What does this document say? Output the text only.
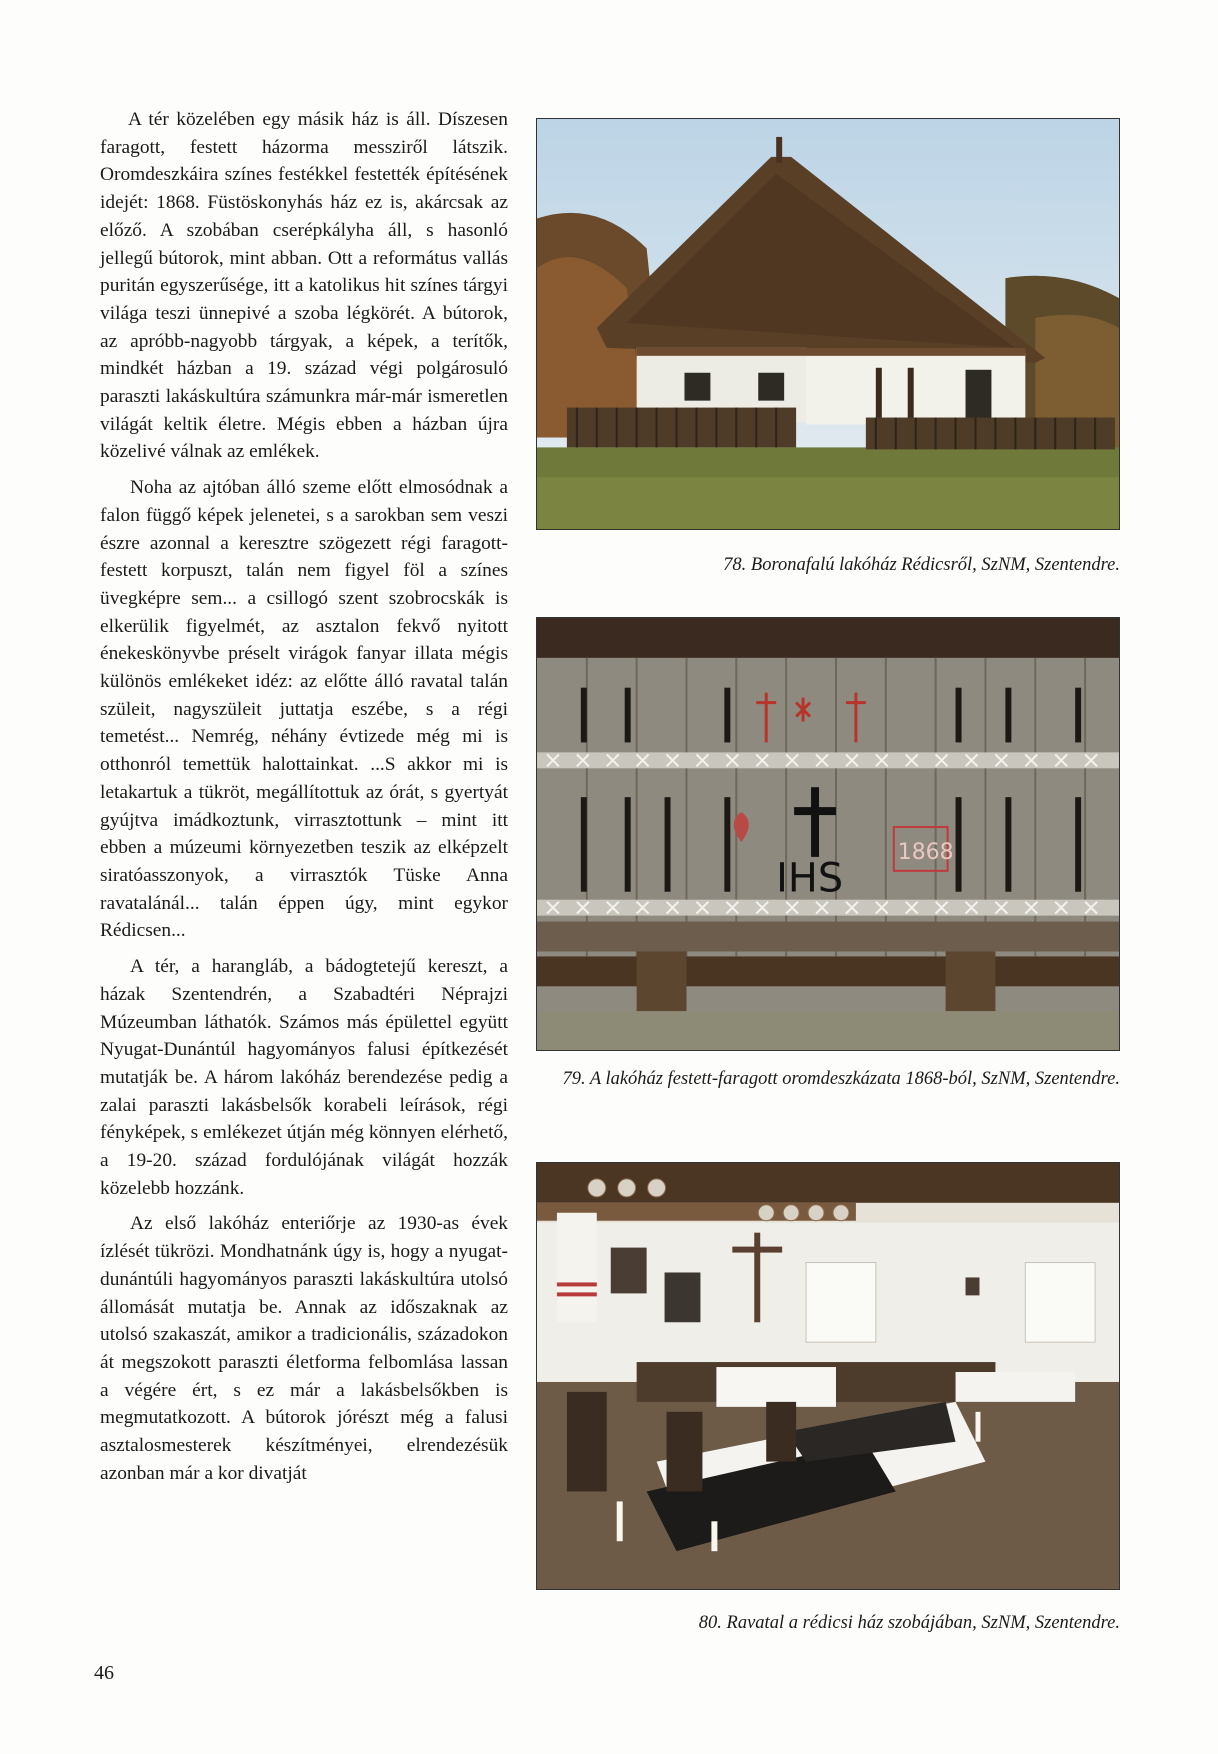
A tér közelében egy másik ház is áll. Díszesen faragott, festett házorma messziről látszik. Oromdeszkáira színes festékkel festették építésének idejét: 1868. Füstöskonyhás ház ez is, akárcsak az előző. A szobában cserépkályha áll, s hasonló jellegű bútorok, mint abban. Ott a református vallás puritán egyszerűsége, itt a katolikus hit színes tárgyi világa teszi ünnepivé a szoba légkörét. A bútorok, az apróbb-nagyobb tárgyak, a képek, a terítők, mindkét házban a 19. század végi polgárosuló paraszti lakáskultúra számunkra már-már ismeretlen világát keltik életre. Mégis ebben a házban újra közelivé válnak az emlékek.

Noha az ajtóban álló szeme előtt elmosódnak a falon függő képek jelenetei, s a sarokban sem veszi észre azonnal a keresztre szögezett régi faragott-festett korpuszt, talán nem figyel föl a színes üvegképre sem... a csillogó szent szobrocskák is elkerülik figyelmét, az asztalon fekvő nyitott énekeskönyvbe préselt virágok fanyar illata mégis különös emlékeket idéz: az előtte álló ravatal talán szüleit, nagyszüleit juttatja eszébe, s a régi temetést... Nemrég, néhány évtizede még mi is otthonról temettük halottainkat. ...S akkor mi is letakartuk a tükröt, megállítottuk az órát, s gyertyát gyújtva imádkoztunk, virrasztottunk – mint itt ebben a múzeumi környezetben teszik az elképzelt siratóasszonyok, a virrasztók Tüske Anna ravatalánál... talán éppen úgy, mint egykor Rédicsen...

A tér, a harangláb, a bádogtetejű kereszt, a házak Szentendrén, a Szabadtéri Néprajzi Múzeumban láthatók. Számos más épülettel együtt Nyugat-Dunántúl hagyományos falusi építkezését mutatják be. A három lakóház berendezése pedig a zalai paraszti lakásbelsők korabeli leírások, régi fényképek, s emlékezet útján még könnyen elérhető, a 19-20. század fordulójának világát hozzák közelebb hozzánk.

Az első lakóház enteriőrje az 1930-as évek ízlését tükrözi. Mondhatnánk úgy is, hogy a nyugat-dunántúli hagyományos paraszti lakáskultúra utolsó állomását mutatja be. Annak az időszaknak az utolsó szakaszát, amikor a tradicionális, századokon át megszokott paraszti életforma felbomlása lassan a végére ért, s ez már a lakásbelsőkben is megmutatkozott. A bútorok jórészt még a falusi asztalosmesterek készítményei, elrendezésük azonban már a kor divatját

78. Boronafalú lakóház Rédicsről, SzNM, Szentendre.
IHS
1868
79. A lakóház festett-faragott oromdeszkázata 1868-ból, SzNM, Szentendre.
80. Ravatal a rédicsi ház szobájában, SzNM, Szentendre.
46
